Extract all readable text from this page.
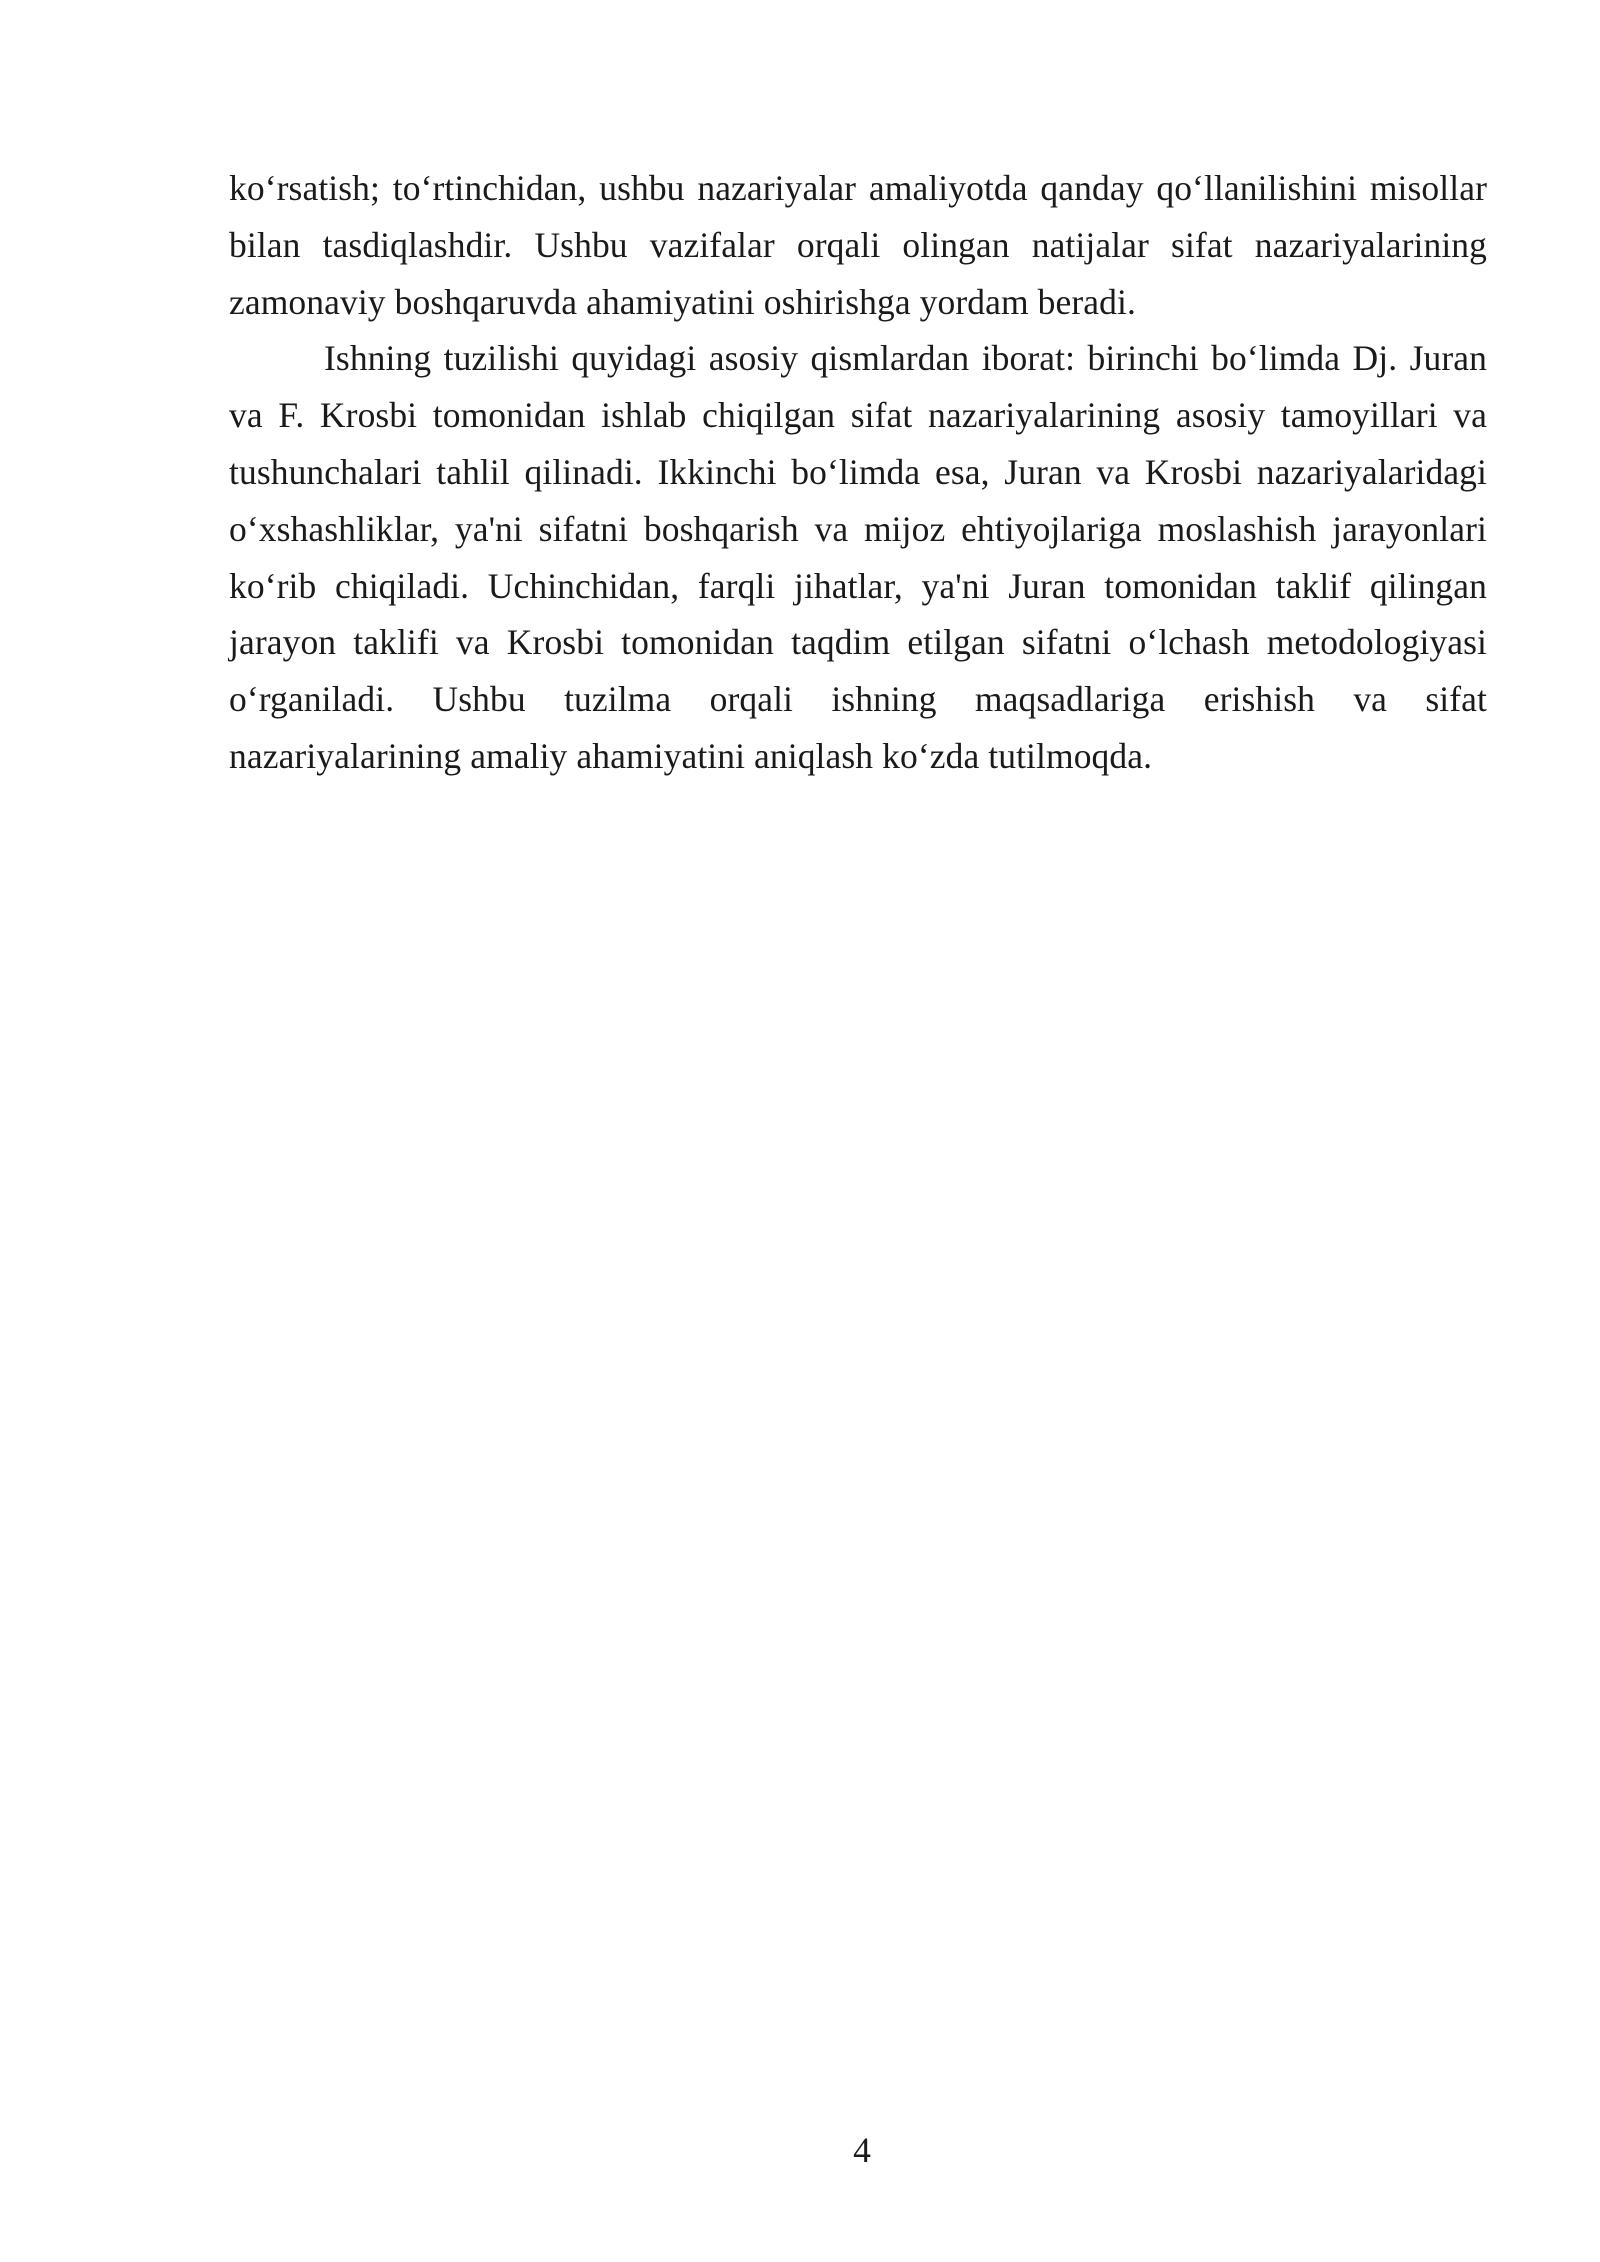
ko‘rsatish; to‘rtinchidan, ushbu nazariyalar amaliyotda qanday qo‘llanilishini misollar bilan tasdiqlashdir. Ushbu vazifalar orqali olingan natijalar sifat nazariyalarining zamonaviy boshqaruvda ahamiyatini oshirishga yordam beradi.

Ishning tuzilishi quyidagi asosiy qismlardan iborat: birinchi bo‘limda Dj. Juran va F. Krosbi tomonidan ishlab chiqilgan sifat nazariyalarining asosiy tamoyillari va tushunchalari tahlil qilinadi. Ikkinchi bo‘limda esa, Juran va Krosbi nazariyalaridagi o‘xshashliklar, ya'ni sifatni boshqarish va mijoz ehtiyojlariga moslashish jarayonlari ko‘rib chiqiladi. Uchinchidan, farqli jihatlar, ya'ni Juran tomonidan taklif qilingan jarayon taklifi va Krosbi tomonidan taqdim etilgan sifatni o‘lchash metodologiyasi o‘rganiladi. Ushbu tuzilma orqali ishning maqsadlariga erishish va sifat nazariyalarining amaliy ahamiyatini aniqlash ko‘zda tutilmoqda.

4
